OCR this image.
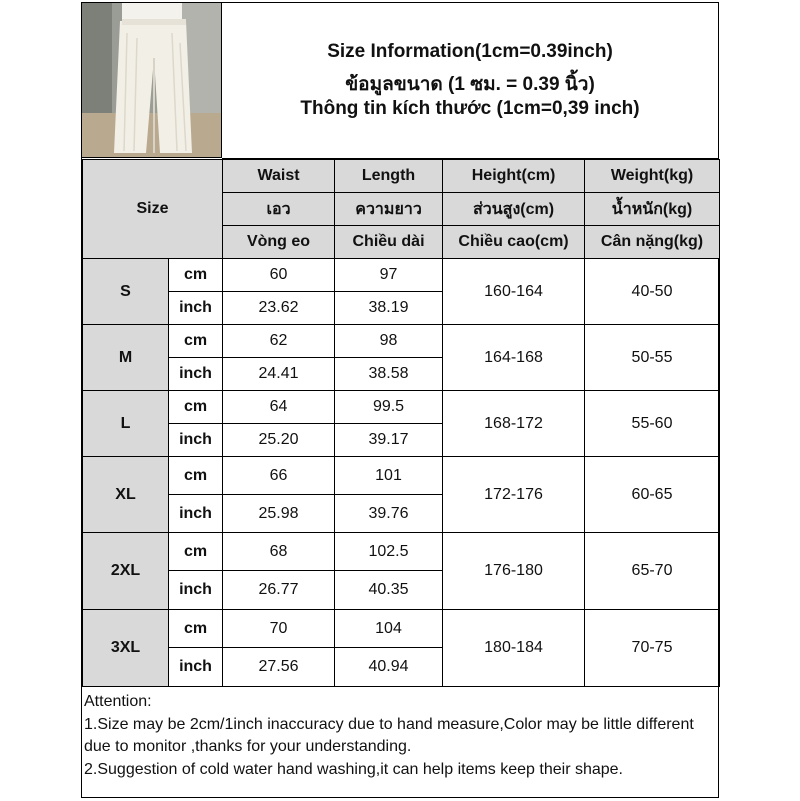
Size Information(1cm=0.39inch)
ข้อมูลขนาด (1 ซม. = 0.39 นิ้ว)
Thông tin kích thước (1cm=0,39 inch)
Size		Waist	Length	Height(cm)	Weight(kg)
		เอว	ความยาว	ส่วนสูง(cm)	น้ำหนัก(kg)
		Vòng eo	Chiều dài	Chiều cao(cm)	Cân nặng(kg)
S	cm	60	97	160-164	40-50
	inch	23.62	38.19		
M	cm	62	98	164-168	50-55
	inch	24.41	38.58		
L	cm	64	99.5	168-172	55-60
	inch	25.20	39.17		
XL	cm	66	101	172-176	60-65
	inch	25.98	39.76		
2XL	cm	68	102.5	176-180	65-70
	inch	26.77	40.35		
3XL	cm	70	104	180-184	70-75
	inch	27.56	40.94		
Attention:
1.Size may be 2cm/1inch inaccuracy due to hand measure,Color may be little different due to monitor ,thanks for your understanding.
2.Suggestion of cold water hand washing,it can help items keep their shape.
